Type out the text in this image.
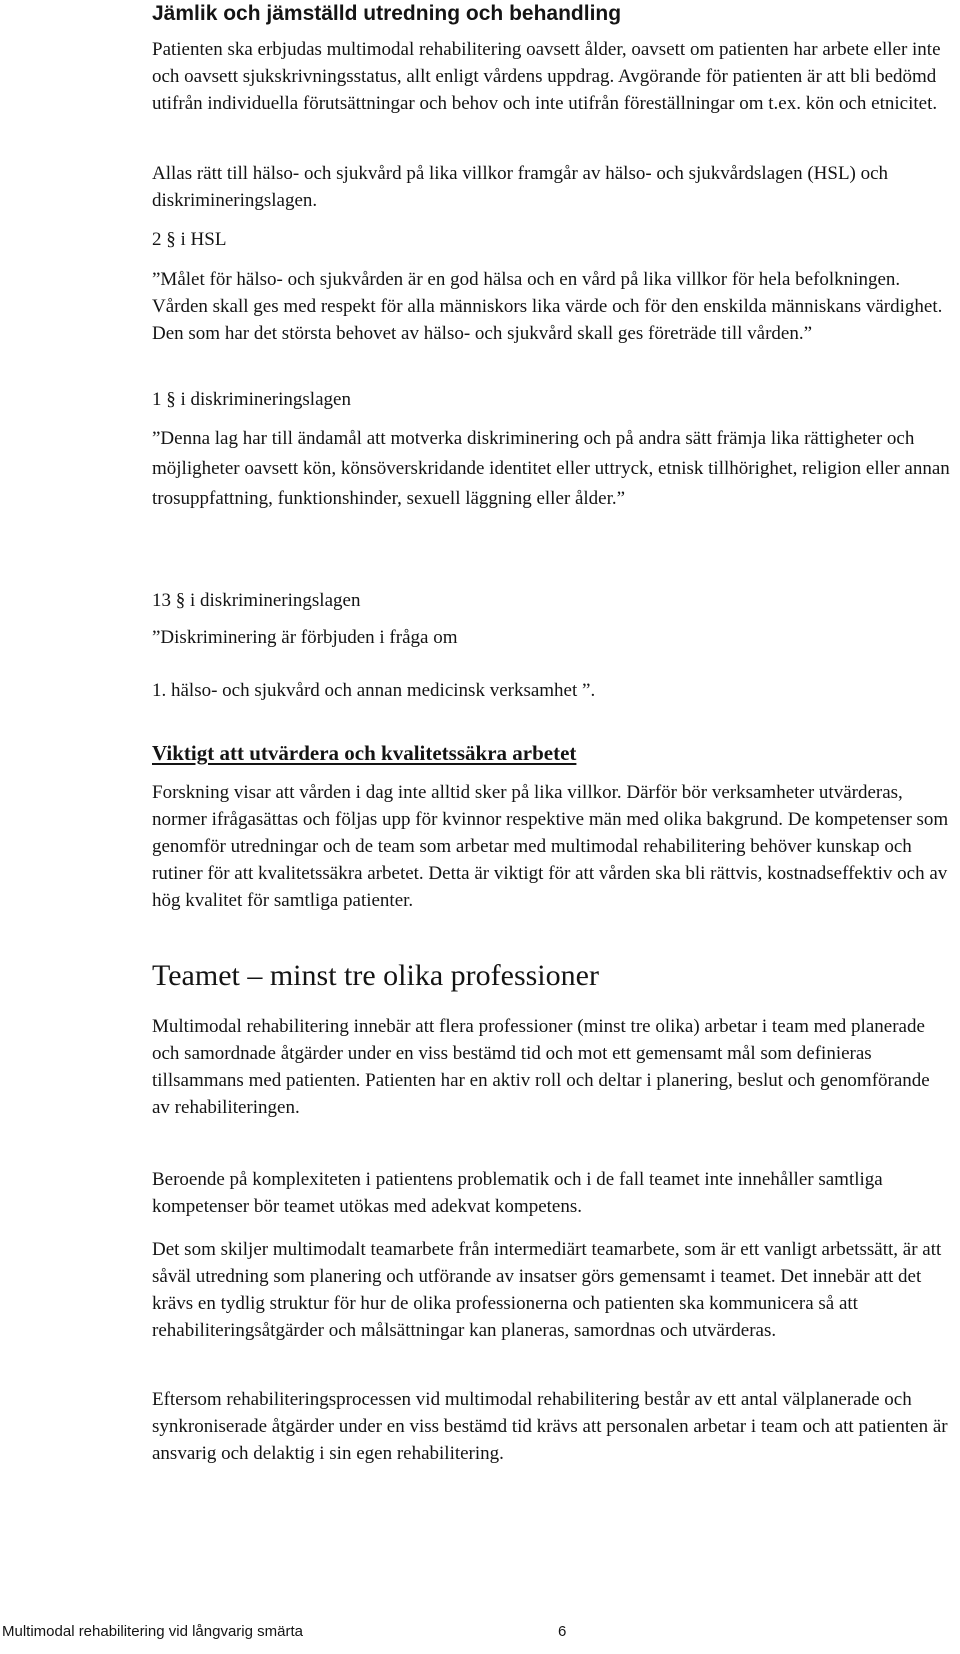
Jämlik och jämställd utredning och behandling

Patienten ska erbjudas multimodal rehabilitering oavsett ålder, oavsett om patienten har arbete eller inte och oavsett sjukskrivningsstatus, allt enligt vårdens uppdrag. Avgörande för patienten är att bli bedömd utifrån individuella förutsättningar och behov och inte utifrån föreställningar om t.ex. kön och etnicitet.

Allas rätt till hälso- och sjukvård på lika villkor framgår av hälso- och sjukvårdslagen (HSL) och diskrimineringslagen.

2 § i HSL

”Målet för hälso- och sjukvården är en god hälsa och en vård på lika villkor för hela befolkningen. Vården skall ges med respekt för alla människors lika värde och för den enskilda människans värdighet. Den som har det största behovet av hälso- och sjukvård skall ges företräde till vården.”

1 § i diskrimineringslagen

”Denna lag har till ändamål att motverka diskriminering och på andra sätt främja lika rättigheter och möjligheter oavsett kön, könsöverskridande identitet eller uttryck, etnisk tillhörighet, religion eller annan trosuppfattning, funktionshinder, sexuell läggning eller ålder.”

13 § i diskrimineringslagen

”Diskriminering är förbjuden i fråga om

1. hälso- och sjukvård och annan medicinsk verksamhet ”.

Viktigt att utvärdera och kvalitetssäkra arbetet

Forskning visar att vården i dag inte alltid sker på lika villkor. Därför bör verksamheter utvärderas, normer ifrågasättas och följas upp för kvinnor respektive män med olika bakgrund. De kompetenser som genomför utredningar och de team som arbetar med multimodal rehabilitering behöver kunskap och rutiner för att kvalitetssäkra arbetet. Detta är viktigt för att vården ska bli rättvis, kostnadseffektiv och av hög kvalitet för samtliga patienter.

Teamet – minst tre olika professioner

Multimodal rehabilitering innebär att flera professioner (minst tre olika) arbetar i team med planerade och samordnade åtgärder under en viss bestämd tid och mot ett gemensamt mål som definieras tillsammans med patienten. Patienten har en aktiv roll och deltar i planering, beslut och genomförande av rehabiliteringen.

Beroende på komplexiteten i patientens problematik och i de fall teamet inte innehåller samtliga kompetenser bör teamet utökas med adekvat kompetens.

Det som skiljer multimodalt teamarbete från intermediärt teamarbete, som är ett vanligt arbetssätt, är att såväl utredning som planering och utförande av insatser görs gemensamt i teamet. Det innebär att det krävs en tydlig struktur för hur de olika professionerna och patienten ska kommunicera så att rehabiliteringsåtgärder och målsättningar kan planeras, samordnas och utvärderas.

Eftersom rehabiliteringsprocessen vid multimodal rehabilitering består av ett antal välplanerade och synkroniserade åtgärder under en viss bestämd tid krävs att personalen arbetar i team och att patienten är ansvarig och delaktig i sin egen rehabilitering.

Multimodal rehabilitering vid långvarig smärta	6
